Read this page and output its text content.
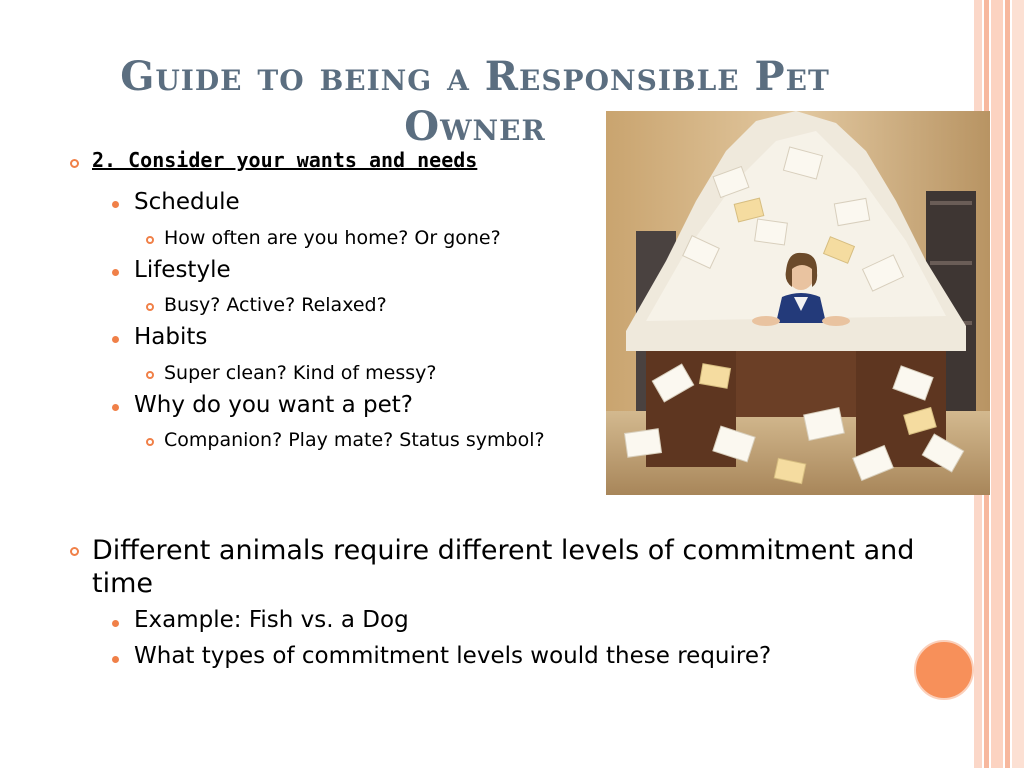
Guide to being a Responsible Pet Owner
2. Consider your wants and needs
Schedule
How often are you home? Or gone?
Lifestyle
Busy? Active? Relaxed?
Habits
Super clean? Kind of messy?
Why do you want a pet?
Companion? Play mate? Status symbol?
Different animals require different levels of commitment and time
Example: Fish vs. a Dog
What types of commitment levels would these require?
